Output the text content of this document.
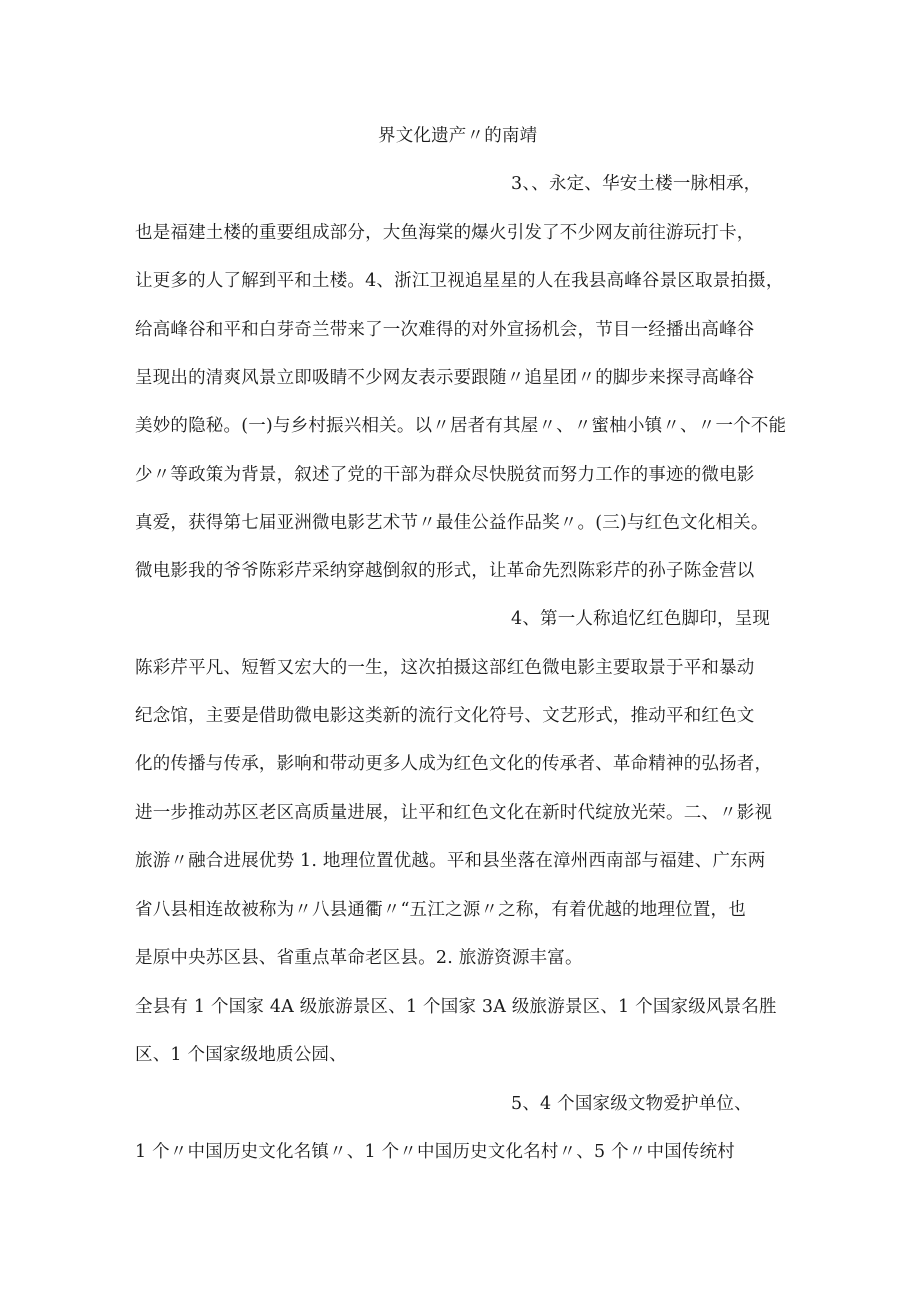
界文化遗产〃的南靖
3、、永定、华安土楼一脉相承，
也是福建土楼的重要组成部分，大鱼海棠的爆火引发了不少网友前往游玩打卡，
让更多的人了解到平和土楼。4、浙江卫视追星星的人在我县高峰谷景区取景拍摄，
给高峰谷和平和白芽奇兰带来了一次难得的对外宣扬机会，节目一经播出高峰谷
呈现出的清爽风景立即吸睛不少网友表示要跟随〃追星团〃的脚步来探寻高峰谷
美妙的隐秘。(一)与乡村振兴相关。以〃居者有其屋〃、〃蜜柚小镇〃、〃一个不能
少〃等政策为背景，叙述了党的干部为群众尽快脱贫而努力工作的事迹的微电影
真爱，获得第七届亚洲微电影艺术节〃最佳公益作品奖〃。(三)与红色文化相关。
微电影我的爷爷陈彩芹采纳穿越倒叙的形式，让革命先烈陈彩芹的孙子陈金营以
4、第一人称追忆红色脚印，呈现
陈彩芹平凡、短暂又宏大的一生，这次拍摄这部红色微电影主要取景于平和暴动
纪念馆，主要是借助微电影这类新的流行文化符号、文艺形式，推动平和红色文
化的传播与传承，影响和带动更多人成为红色文化的传承者、革命精神的弘扬者，
进一步推动苏区老区高质量进展，让平和红色文化在新时代绽放光荣。二、〃影视
旅游〃融合进展优势 1. 地理位置优越。平和县坐落在漳州西南部与福建、广东两
省八县相连故被称为〃八县通衢〃“五江之源〃之称，有着优越的地理位置，也
是原中央苏区县、省重点革命老区县。2. 旅游资源丰富。
全县有 1 个国家 4A 级旅游景区、1 个国家 3A 级旅游景区、1 个国家级风景名胜
区、1 个国家级地质公园、
5、4 个国家级文物爱护单位、
1 个〃中国历史文化名镇〃、1 个〃中国历史文化名村〃、5 个〃中国传统村
